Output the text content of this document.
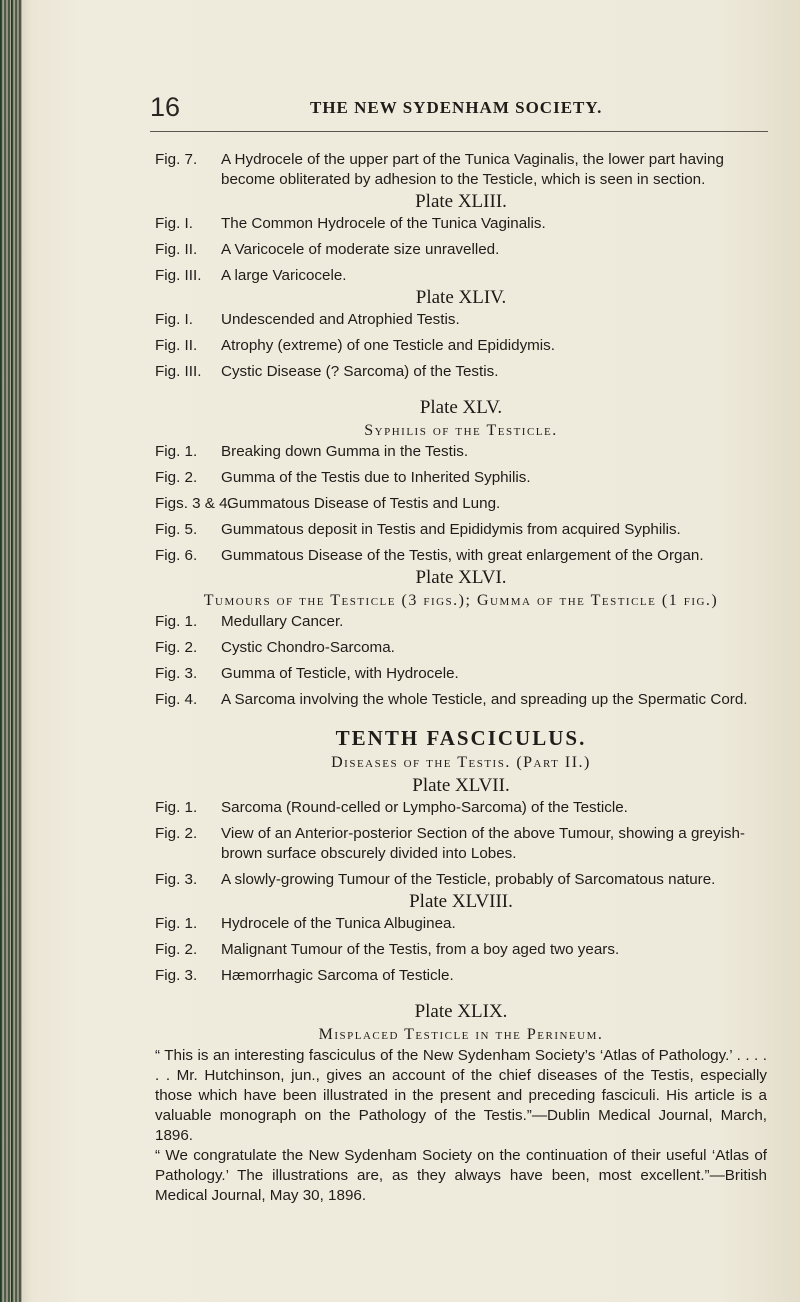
16	THE NEW SYDENHAM SOCIETY.
Fig. 7. A Hydrocele of the upper part of the Tunica Vaginalis, the lower part having become obliterated by adhesion to the Testicle, which is seen in section.
Plate XLIII.
Fig. I. The Common Hydrocele of the Tunica Vaginalis.
Fig. II. A Varicocele of moderate size unravelled.
Fig. III. A large Varicocele.
Plate XLIV.
Fig. I. Undescended and Atrophied Testis.
Fig. II. Atrophy (extreme) of one Testicle and Epididymis.
Fig. III. Cystic Disease (? Sarcoma) of the Testis.
Plate XLV.
Syphilis of the Testicle.
Fig. 1. Breaking down Gumma in the Testis.
Fig. 2. Gumma of the Testis due to Inherited Syphilis.
Figs. 3 & 4.
Gummatous Disease of Testis and Lung.
Fig. 5. Gummatous deposit in Testis and Epididymis from acquired Syphilis.
Fig. 6. Gummatous Disease of the Testis, with great enlargement of the Organ.
Plate XLVI.
Tumours of the Testicle (3 figs.); Gumma of the Testicle (1 fig.)
Fig. 1. Medullary Cancer.
Fig. 2. Cystic Chondro-Sarcoma.
Fig. 3. Gumma of Testicle, with Hydrocele.
Fig. 4. A Sarcoma involving the whole Testicle, and spreading up the Spermatic Cord.
TENTH FASCICULUS.
Diseases of the Testis. (Part II.)
Plate XLVII.
Fig. 1. Sarcoma (Round-celled or Lympho-Sarcoma) of the Testicle.
Fig. 2. View of an Anterior-posterior Section of the above Tumour, showing a greyish-brown surface obscurely divided into Lobes.
Fig. 3. A slowly-growing Tumour of the Testicle, probably of Sarcomatous nature.
Plate XLVIII.
Fig. 1. Hydrocele of the Tunica Albuginea.
Fig. 2. Malignant Tumour of the Testis, from a boy aged two years.
Fig. 3. Hæmorrhagic Sarcoma of Testicle.
Plate XLIX.
Misplaced Testicle in the Perineum.
“ This is an interesting fasciculus of the New Sydenham Society’s ‘Atlas of Pathology.’ . . . . . . Mr. Hutchinson, jun., gives an account of the chief diseases of the Testis, especially those which have been illustrated in the present and preceding fasciculi. His article is a valuable monograph on the Pathology of the Testis.”—Dublin Medical Journal, March, 1896.
“ We congratulate the New Sydenham Society on the continuation of their useful ‘Atlas of Pathology.’ The illustrations are, as they always have been, most excellent.”—British Medical Journal, May 30, 1896.
